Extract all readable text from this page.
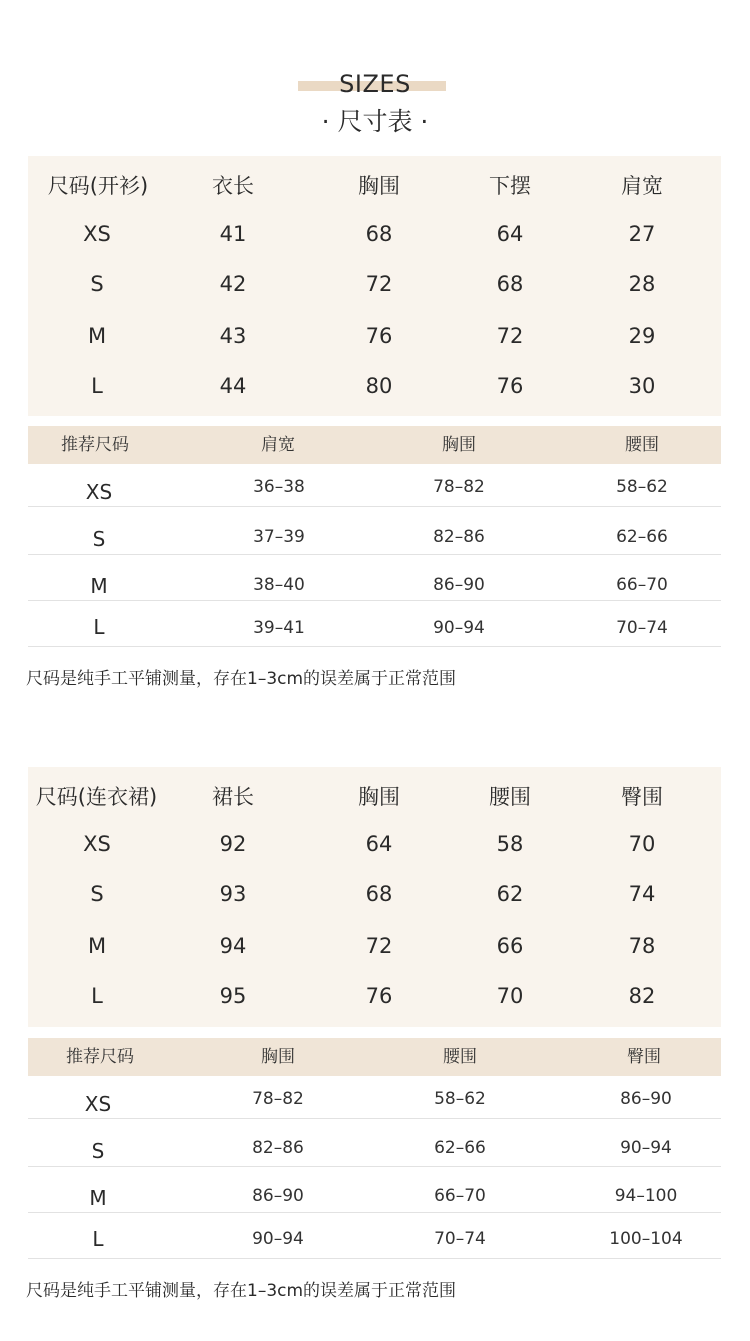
SIZES
· 尺寸表 ·
尺码(开衫)	衣长	胸围	下摆	肩宽
XS	41	68	64	27
S	42	72	68	28
M	43	76	72	29
L	44	80	76	30
推荐尺码	肩宽	胸围	腰围
XS	36–38	78–82	58–62
S	37–39	82–86	62–66
M	38–40	86–90	66–70
L	39–41	90–94	70–74
尺码是纯手工平铺测量，存在1–3cm的误差属于正常范围
尺码(连衣裙)	裙长	胸围	腰围	臀围
XS	92	64	58	70
S	93	68	62	74
M	94	72	66	78
L	95	76	70	82
推荐尺码	胸围	腰围	臀围
XS	78–82	58–62	86–90
S	82–86	62–66	90–94
M	86–90	66–70	94–100
L	90–94	70–74	100–104
尺码是纯手工平铺测量，存在1–3cm的误差属于正常范围
